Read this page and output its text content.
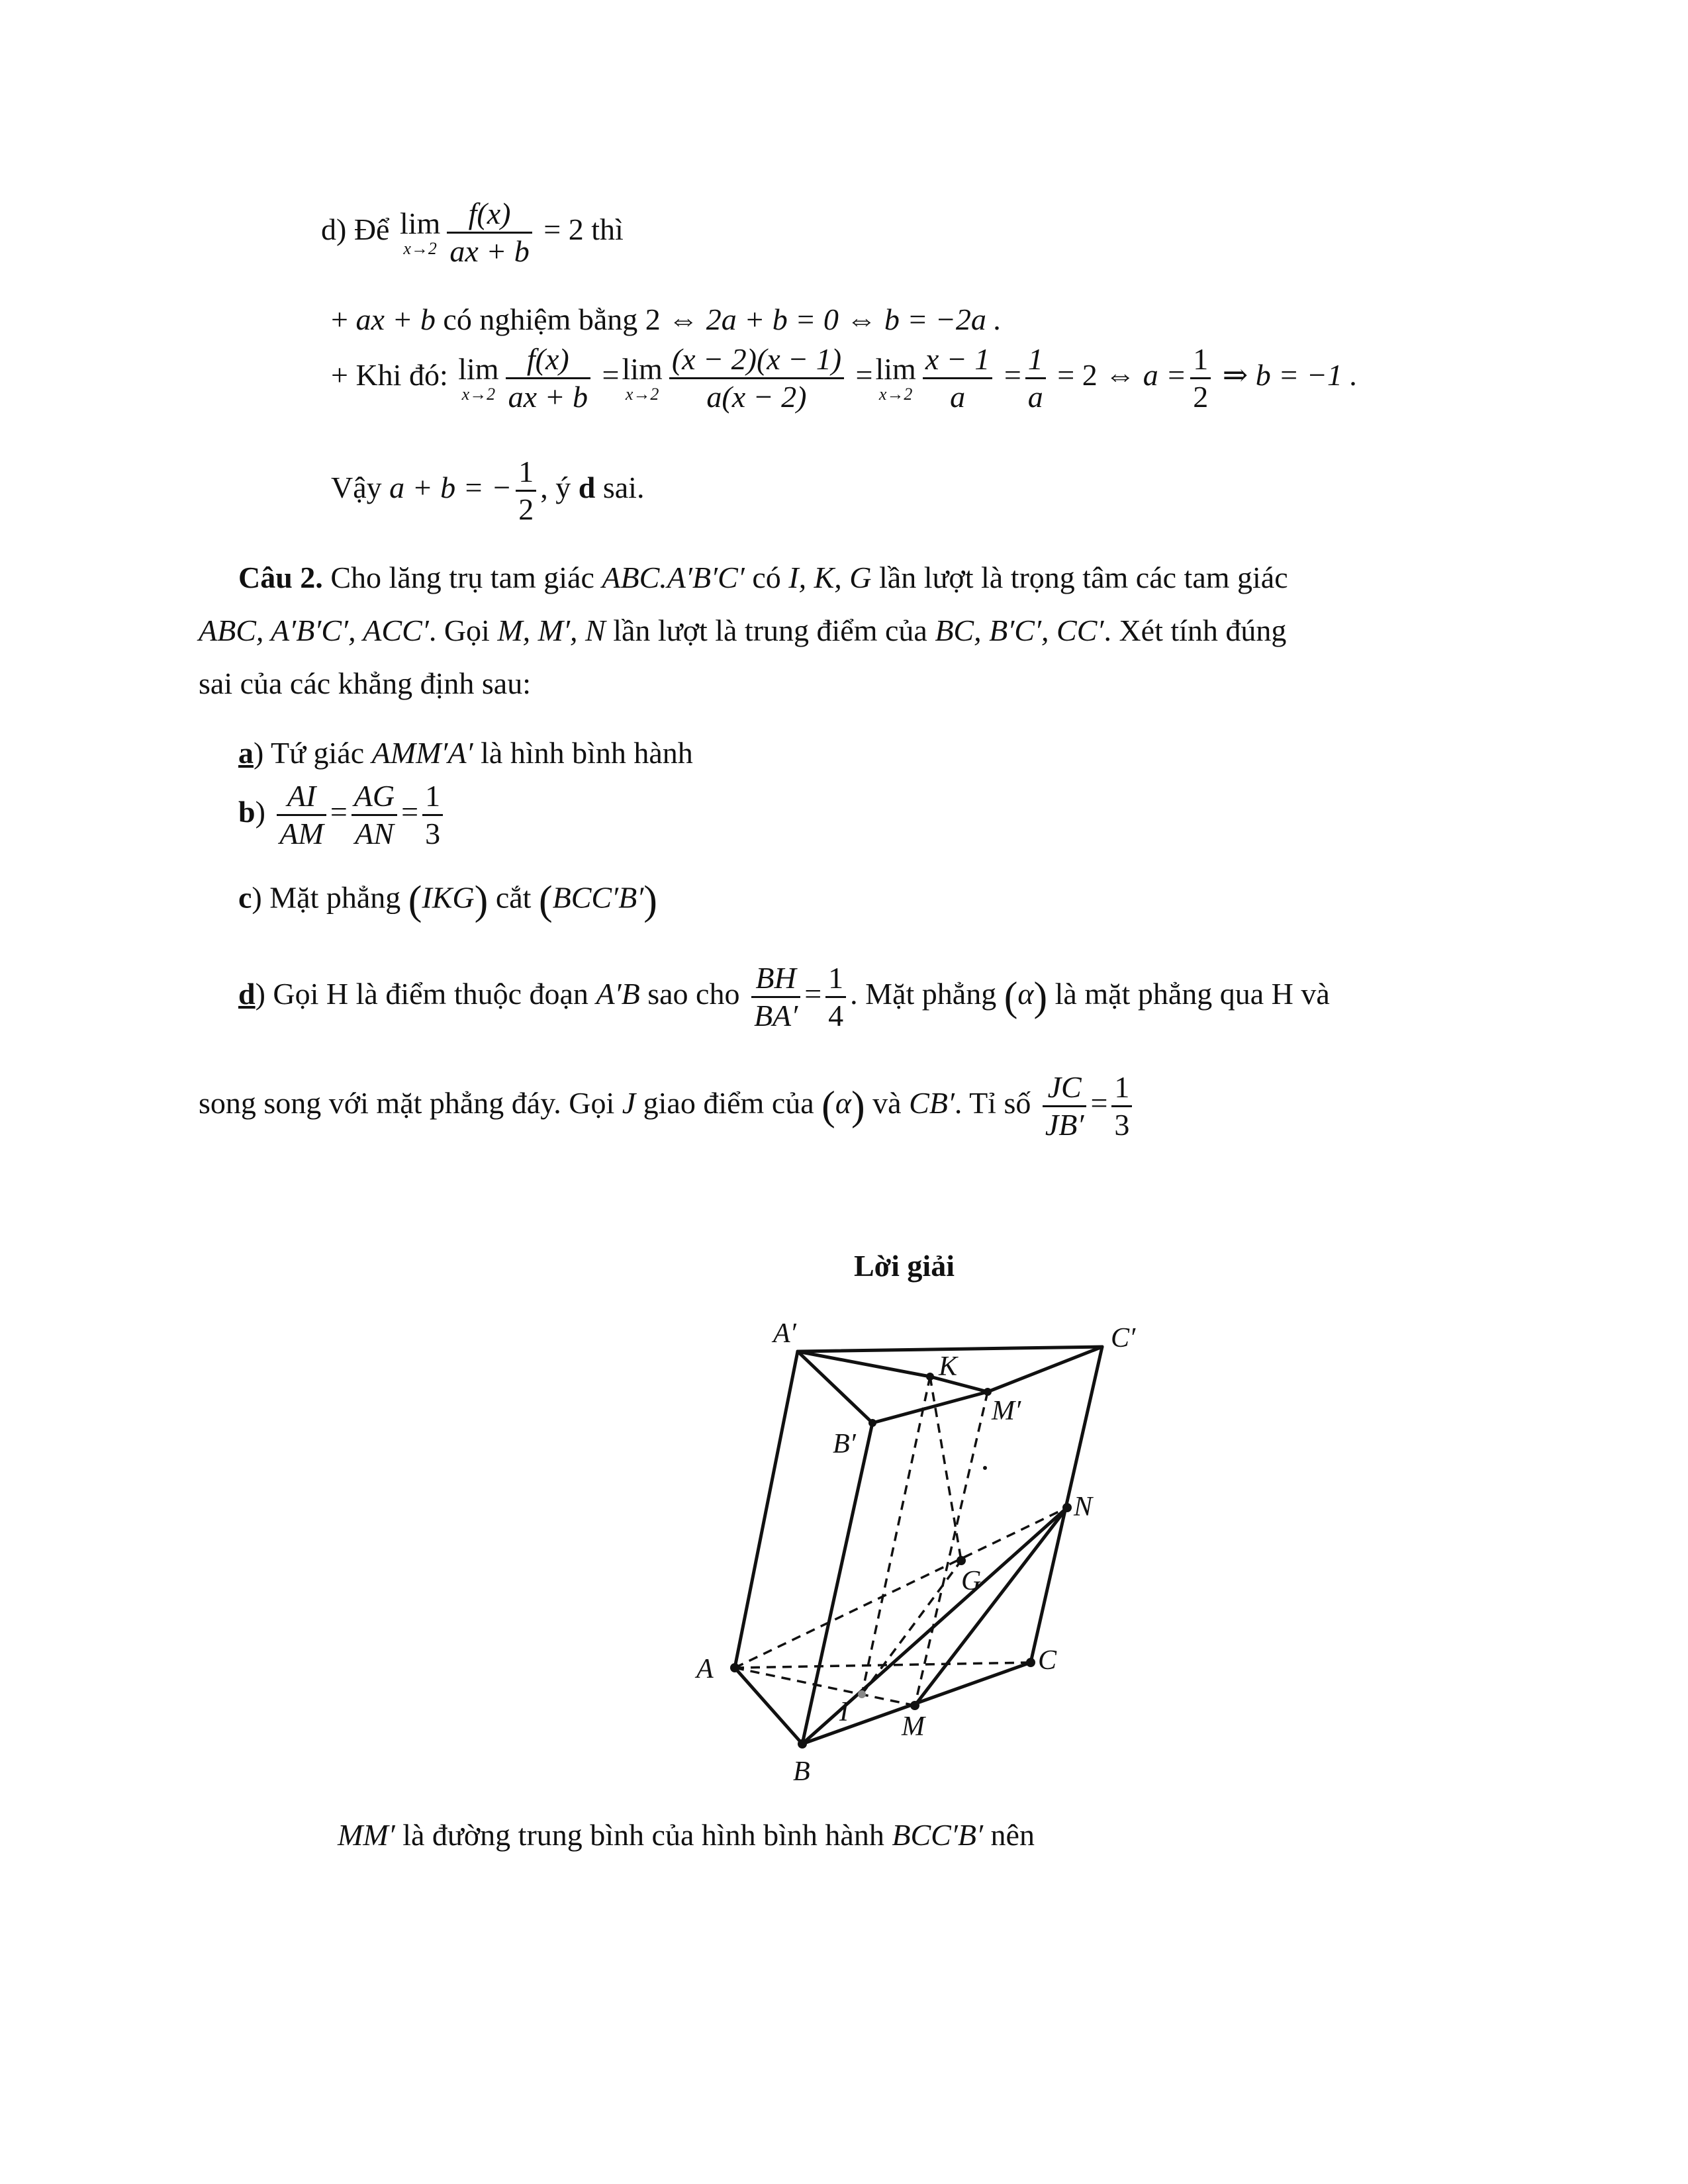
d) Để lim
$x\to 2 \frac{f(x)}{ax + b} = 2$ thì
+ ax + b có nghiệm bằng 2 ⇔ 2a + b = 0 ⇔ b = −2a .
+ Khi đó: lim
$x\to 2 \frac{f(x)}{ax + b} = \lim$
$x\to 2 \frac{(x - 2)(x - 1)}{a(x - 2)} = \lim$
$x\to 2 \frac{x - 1}{a} = \frac{1}{a} = 2$ ⇔ $a = \frac{1}{2}$ ⇒ b = −1 .
Vậy a + b = − $\frac{1}{2}$ , ý d sai.
Câu 2. Cho lăng trụ tam giác ABC.A′B′C′ có I, K, G lần lượt là trọng tâm các tam giác
ABC, A′B′C′, ACC′. Gọi M, M′, N lần lượt là trung điểm của BC, B′C′, CC′. Xét tính đúng
sai của các khẳng định sau:
a) Tứ giác AMM′A′ là hình bình hành
$b) \frac{AI}{AM} = \frac{AG}{AN} = \frac{1}{3}$
c) Mặt phẳng (IKG) cắt (BCC′B′)
d) Gọi H là điểm thuộc đoạn A′B sao cho $\frac{BH}{BA'} = \frac{1}{4}$ . Mặt phẳng (α) là mặt phẳng qua H và
song song với mặt phẳng đáy. Gọi J giao điểm của (α) và CB′. Tỉ số $\frac{JC}{JB'} = \frac{1}{3}$
Lời giải
A′	C′
K
M′
B′
N
G
A	C
I M
B
MM′ là đường trung bình của hình bình hành BCC′B′ nên
